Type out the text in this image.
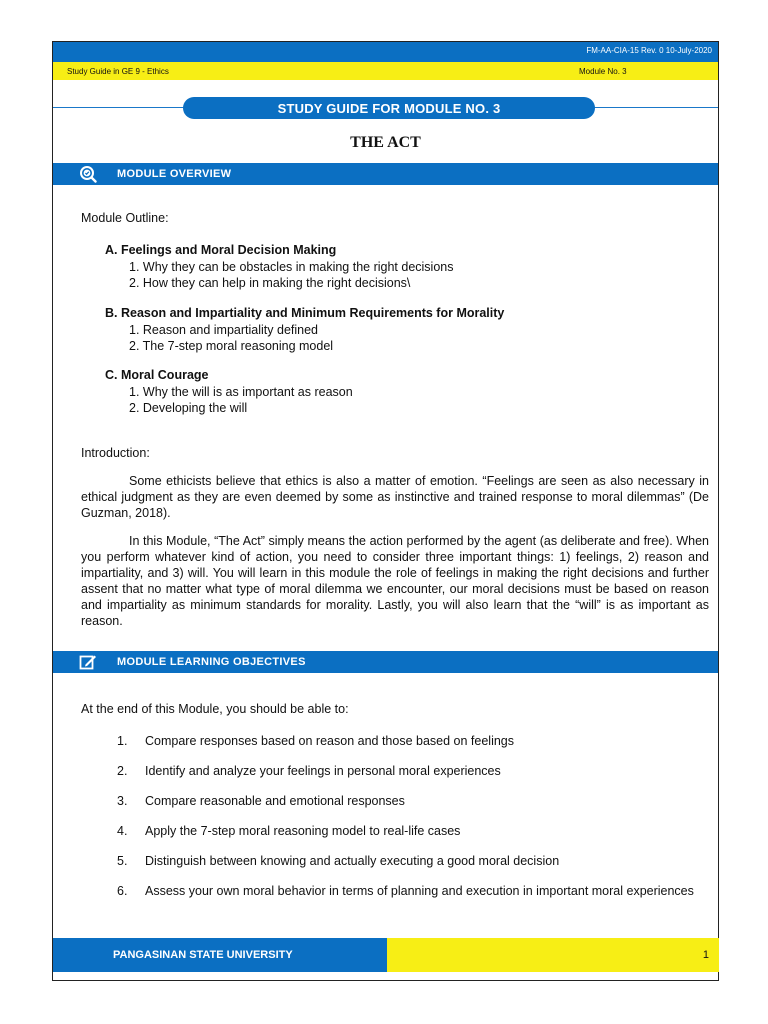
FM-AA-CIA-15 Rev. 0 10-July-2020
Study Guide in GE 9 - Ethics	Module No. 3
STUDY GUIDE FOR MODULE NO. 3
THE ACT
MODULE OVERVIEW
Module Outline:
A. Feelings and Moral Decision Making
1. Why they can be obstacles in making the right decisions
2. How they can help in making the right decisions\
B. Reason and Impartiality and Minimum Requirements for Morality
1. Reason and impartiality defined
2. The 7-step moral reasoning model
C. Moral Courage
1. Why the will is as important as reason
2. Developing the will
Introduction:
Some ethicists believe that ethics is also a matter of emotion. “Feelings are seen as also necessary in ethical judgment as they are even deemed by some as instinctive and trained response to moral dilemmas” (De Guzman, 2018).
In this Module, “The Act” simply means the action performed by the agent (as deliberate and free). When you perform whatever kind of action, you need to consider three important things: 1) feelings, 2) reason and impartiality, and 3) will. You will learn in this module the role of feelings in making the right decisions and further assent that no matter what type of moral dilemma we encounter, our moral decisions must be based on reason and impartiality as minimum standards for morality. Lastly, you will also learn that the “will” is as important as reason.
MODULE LEARNING OBJECTIVES
At the end of this Module, you should be able to:
1.	Compare responses based on reason and those based on feelings
2.	Identify and analyze your feelings in personal moral experiences
3.	Compare reasonable and emotional responses
4.	Apply the 7-step moral reasoning model to real-life cases
5.	Distinguish between knowing and actually executing a good moral decision
6.	Assess your own moral behavior in terms of planning and execution in important moral experiences
PANGASINAN STATE UNIVERSITY	1
